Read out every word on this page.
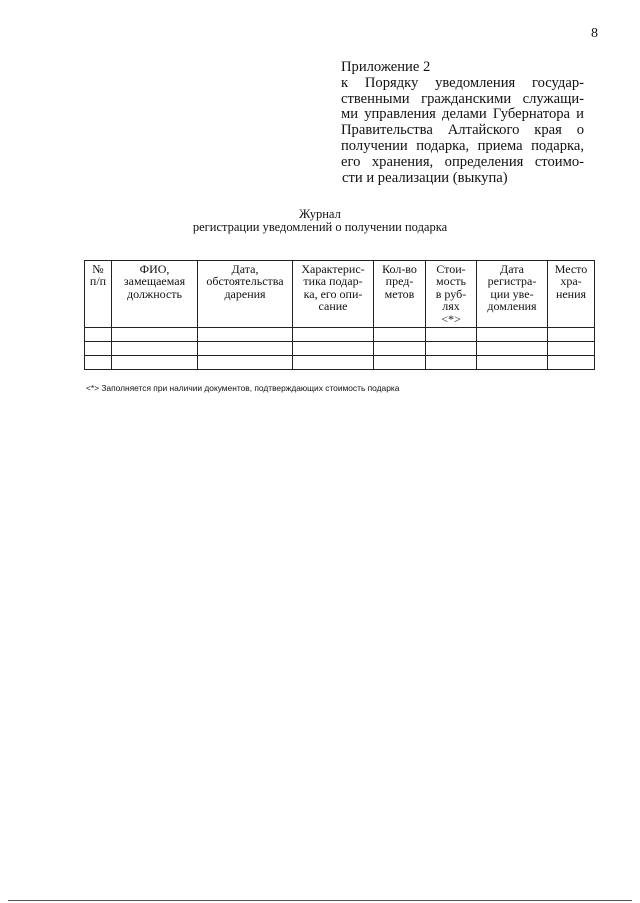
8
Приложение 2
к Порядку уведомления государ-
ственными гражданскими служащи-
ми управления делами Губернатора и
Правительства Алтайского края о
получении подарка, приема подарка,
его хранения, определения стоимо-
сти и реализации (выкупа)
Журнал
регистрации уведомлений о получении подарка
№
п/п	ФИО,
замещаемая
должность	Дата,
обстоятельства
дарения	Характерис-
тика подар-
ка, его опи-
сание	Кол-во
пред-
метов	Стои-
мость
в руб-
лях
<*>	Дата
регистра-
ции уве-
домления	Место
хра-
нения

<*> Заполняется при наличии документов, подтверждающих стоимость подарка
